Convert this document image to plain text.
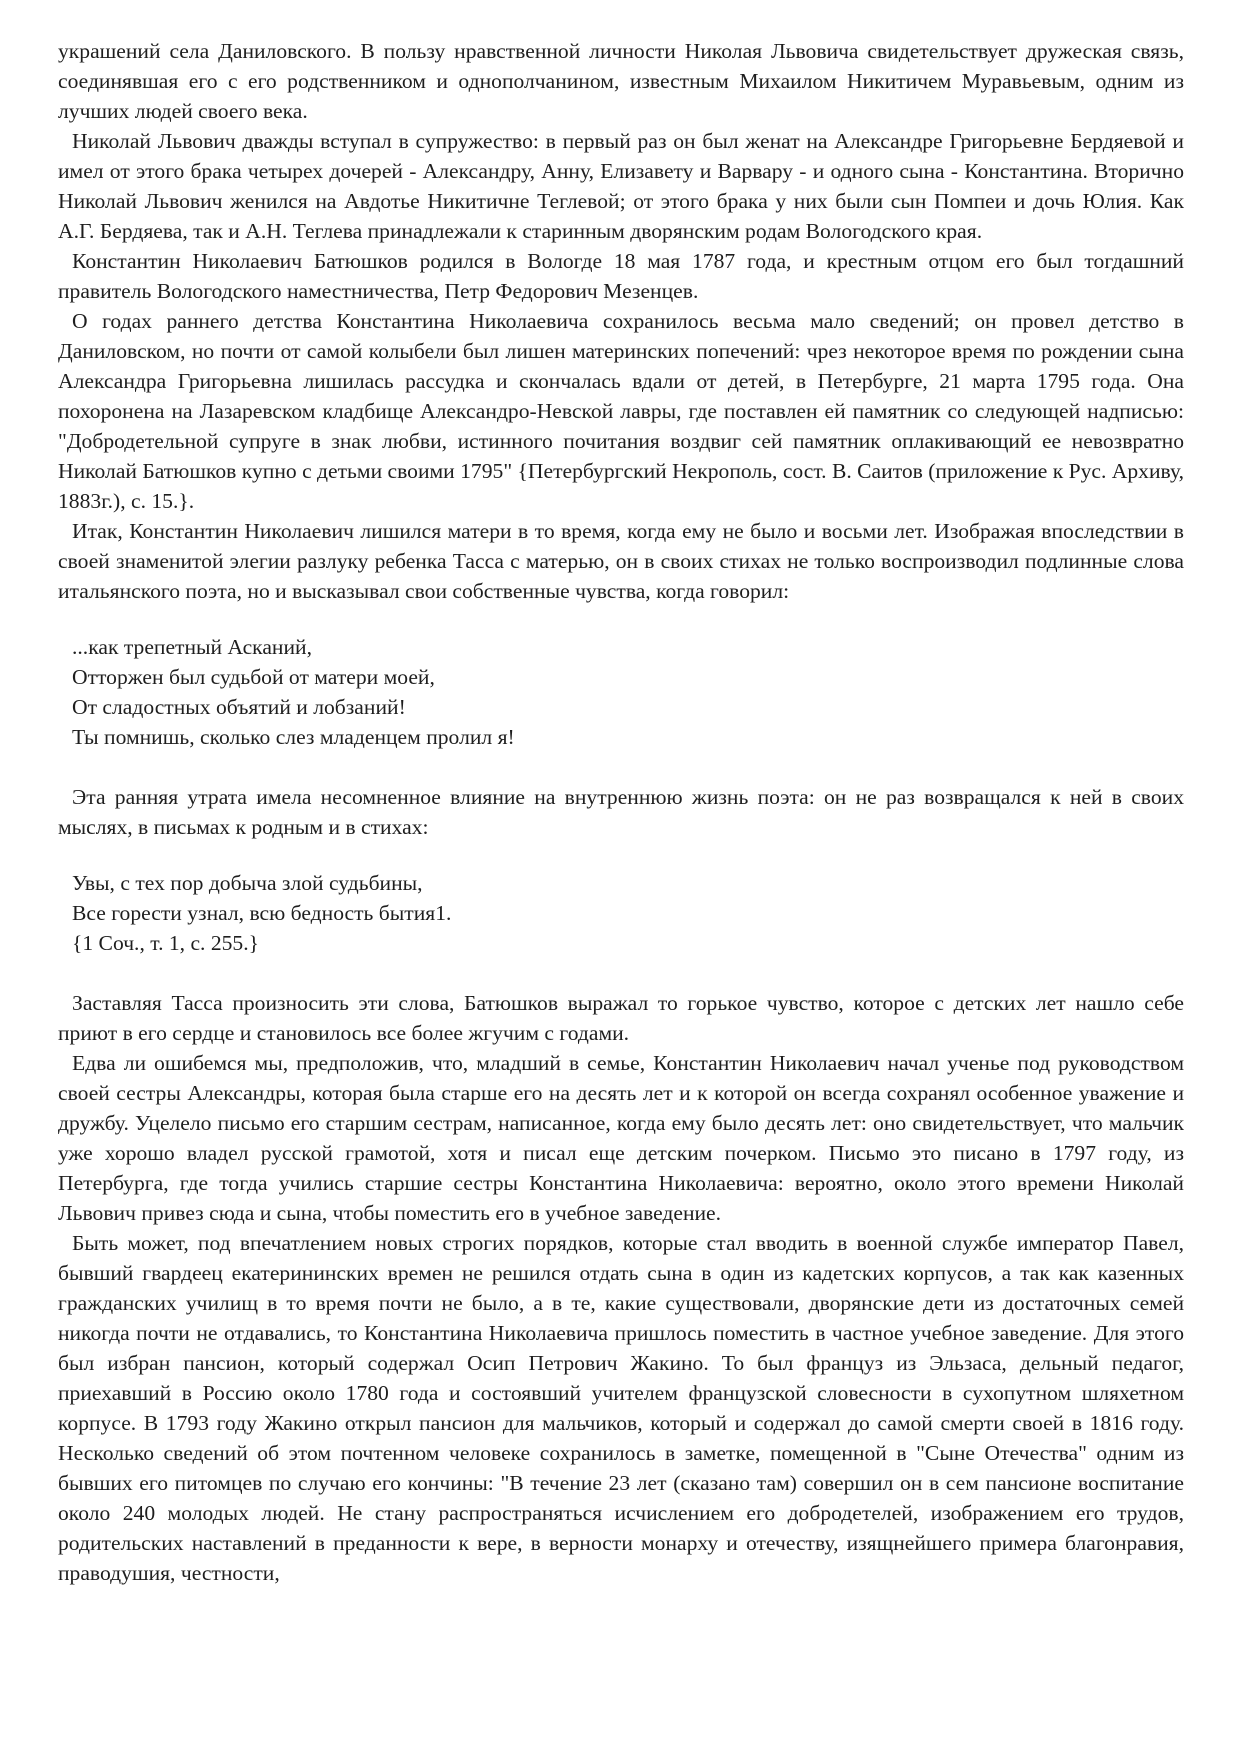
украшений села Даниловского. В пользу нравственной личности Николая Львовича свидетельствует дружеская связь, соединявшая его с его родственником и однополчанином, известным Михаилом Никитичем Муравьевым, одним из лучших людей своего века.

Николай Львович дважды вступал в супружество: в первый раз он был женат на Александре Григорьевне Бердяевой и имел от этого брака четырех дочерей - Александру, Анну, Елизавету и Варвару - и одного сына - Константина. Вторично Николай Львович женился на Авдотье Никитичне Теглевой; от этого брака у них были сын Помпеи и дочь Юлия. Как А.Г. Бердяева, так и А.Н. Теглева принадлежали к старинным дворянским родам Вологодского края.

Константин Николаевич Батюшков родился в Вологде 18 мая 1787 года, и крестным отцом его был тогдашний правитель Вологодского наместничества, Петр Федорович Мезенцев.

О годах раннего детства Константина Николаевича сохранилось весьма мало сведений; он провел детство в Даниловском, но почти от самой колыбели был лишен материнских попечений: чрез некоторое время по рождении сына Александра Григорьевна лишилась рассудка и скончалась вдали от детей, в Петербурге, 21 марта 1795 года. Она похоронена на Лазаревском кладбище Александро-Невской лавры, где поставлен ей памятник со следующей надписью: "Добродетельной супруге в знак любви, истинного почитания воздвиг сей памятник оплакивающий ее невозвратно Николай Батюшков купно с детьми своими 1795" {Петербургский Некрополь, сост. В. Саитов (приложение к Рус. Архиву, 1883г.), с. 15.}.

Итак, Константин Николаевич лишился матери в то время, когда ему не было и восьми лет. Изображая впоследствии в своей знаменитой элегии разлуку ребенка Тасса с матерью, он в своих стихах не только воспроизводил подлинные слова итальянского поэта, но и высказывал свои собственные чувства, когда говорил:

...как трепетный Асканий,
Отторжен был судьбой от матери моей,
От сладостных объятий и лобзаний!
Ты помнишь, сколько слез младенцем пролил я!

Эта ранняя утрата имела несомненное влияние на внутреннюю жизнь поэта: он не раз возвращался к ней в своих мыслях, в письмах к родным и в стихах:

Увы, с тех пор добыча злой судьбины,
Все горести узнал, всю бедность бытия1.
{1 Соч., т. 1, с. 255.}

Заставляя Тасса произносить эти слова, Батюшков выражал то горькое чувство, которое с детских лет нашло себе приют в его сердце и становилось все более жгучим с годами.

Едва ли ошибемся мы, предположив, что, младший в семье, Константин Николаевич начал ученье под руководством своей сестры Александры, которая была старше его на десять лет и к которой он всегда сохранял особенное уважение и дружбу. Уцелело письмо его старшим сестрам, написанное, когда ему было десять лет: оно свидетельствует, что мальчик уже хорошо владел русской грамотой, хотя и писал еще детским почерком. Письмо это писано в 1797 году, из Петербурга, где тогда учились старшие сестры Константина Николаевича: вероятно, около этого времени Николай Львович привез сюда и сына, чтобы поместить его в учебное заведение.

Быть может, под впечатлением новых строгих порядков, которые стал вводить в военной службе император Павел, бывший гвардеец екатерининских времен не решился отдать сына в один из кадетских корпусов, а так как казенных гражданских училищ в то время почти не было, а в те, какие существовали, дворянские дети из достаточных семей никогда почти не отдавались, то Константина Николаевича пришлось поместить в частное учебное заведение. Для этого был избран пансион, который содержал Осип Петрович Жакино. То был француз из Эльзаса, дельный педагог, приехавший в Россию около 1780 года и состоявший учителем французской словесности в сухопутном шляхетном корпусе. В 1793 году Жакино открыл пансион для мальчиков, который и содержал до самой смерти своей в 1816 году. Несколько сведений об этом почтенном человеке сохранилось в заметке, помещенной в "Сыне Отечества" одним из бывших его питомцев по случаю его кончины: "В течение 23 лет (сказано там) совершил он в сем пансионе воспитание около 240 молодых людей. Не стану распространяться исчислением его добродетелей, изображением его трудов, родительских наставлений в преданности к вере, в верности монарху и отечеству, изящнейшего примера благонравия, праводушия, честности,
